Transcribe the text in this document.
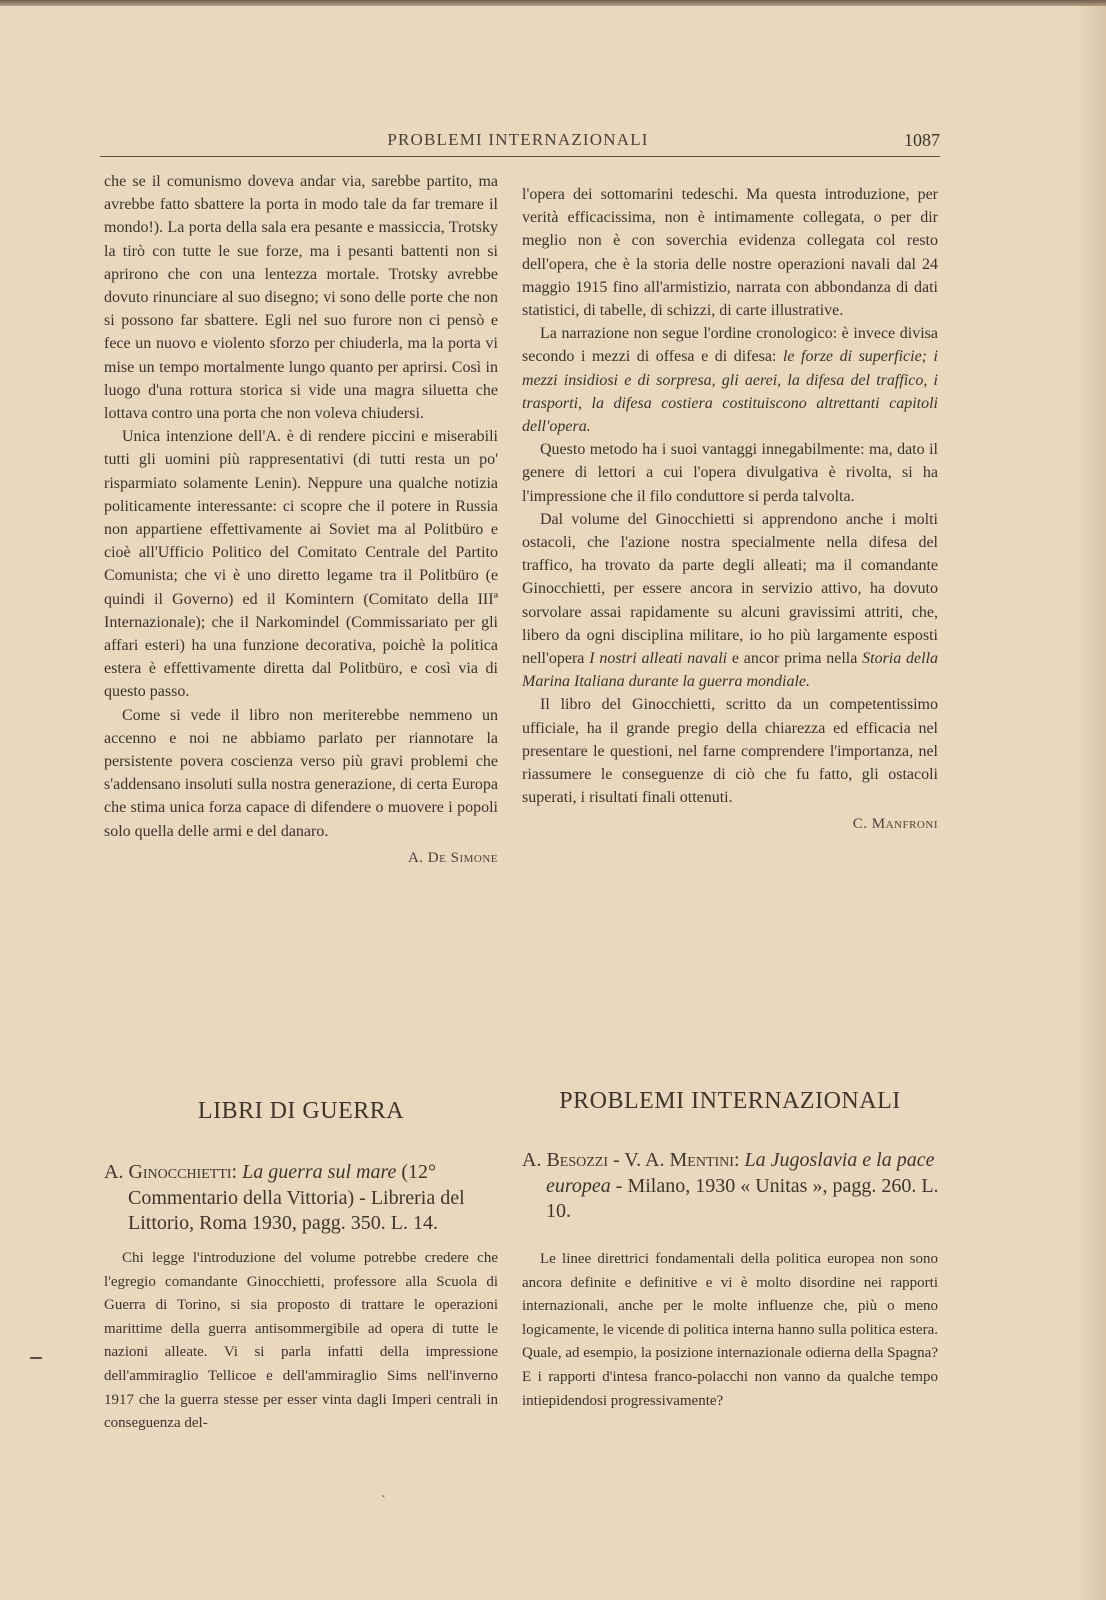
PROBLEMI INTERNAZIONALI	1087

che se il comunismo doveva andar via, sarebbe partito, ma avrebbe fatto sbattere la porta in modo tale da far tremare il mondo!). La porta della sala era pesante e massiccia, Trotsky la tirò con tutte le sue forze, ma i pesanti battenti non si aprirono che con una lentezza mortale. Trotsky avrebbe dovuto rinunciare al suo disegno; vi sono delle porte che non si possono far sbattere. Egli nel suo furore non ci pensò e fece un nuovo e violento sforzo per chiuderla, ma la porta vi mise un tempo mortalmente lungo quanto per aprirsi. Così in luogo d'una rottura storica si vide una magra siluetta che lottava contro una porta che non voleva chiudersi.

Unica intenzione dell'A. è di rendere piccini e miserabili tutti gli uomini più rappresentativi (di tutti resta un po' risparmiato solamente Lenin). Neppure una qualche notizia politicamente interessante: ci scopre che il potere in Russia non appartiene effettivamente ai Soviet ma al Politbüro e cioè all'Ufficio Politico del Comitato Centrale del Partito Comunista; che vi è uno diretto legame tra il Politbüro (e quindi il Governo) ed il Komintern (Comitato della IIIª Internazionale); che il Narkomindel (Commissariato per gli affari esteri) ha una funzione decorativa, poichè la politica estera è effettivamente diretta dal Politbüro, e così via di questo passo.

Come si vede il libro non meriterebbe nemmeno un accenno e noi ne abbiamo parlato per riannotare la persistente povera coscienza verso più gravi problemi che s'addensano insoluti sulla nostra generazione, di certa Europa che stima unica forza capace di difendere o muovere i popoli solo quella delle armi e del danaro.

A. De Simone

l'opera dei sottomarini tedeschi. Ma questa introduzione, per verità efficacissima, non è intimamente collegata, o per dir meglio non è con soverchia evidenza collegata col resto dell'opera, che è la storia delle nostre operazioni navali dal 24 maggio 1915 fino all'armistizio, narrata con abbondanza di dati statistici, di tabelle, di schizzi, di carte illustrative.

La narrazione non segue l'ordine cronologico: è invece divisa secondo i mezzi di offesa e di difesa: le forze di superficie; i mezzi insidiosi e di sorpresa, gli aerei, la difesa del traffico, i trasporti, la difesa costiera costituiscono altrettanti capitoli dell'opera.

Questo metodo ha i suoi vantaggi innegabilmente: ma, dato il genere di lettori a cui l'opera divulgativa è rivolta, si ha l'impressione che il filo conduttore si perda talvolta.

Dal volume del Ginocchietti si apprendono anche i molti ostacoli, che l'azione nostra specialmente nella difesa del traffico, ha trovato da parte degli alleati; ma il comandante Ginocchietti, per essere ancora in servizio attivo, ha dovuto sorvolare assai rapidamente su alcuni gravissimi attriti, che, libero da ogni disciplina militare, io ho più largamente esposti nell'opera I nostri alleati navali e ancor prima nella Storia della Marina Italiana durante la guerra mondiale.

Il libro del Ginocchietti, scritto da un competentissimo ufficiale, ha il grande pregio della chiarezza ed efficacia nel presentare le questioni, nel farne comprendere l'importanza, nel riassumere le conseguenze di ciò che fu fatto, gli ostacoli superati, i risultati finali ottenuti.

C. Manfroni
LIBRI DI GUERRA	PROBLEMI INTERNAZIONALI
A. Ginocchietti: La guerra sul mare (12° Commentario della Vittoria) - Libreria del Littorio, Roma 1930, pagg. 350. L. 14.
A. Besozzi - V. A. Mentini: La Jugoslavia e la pace europea - Milano, 1930 « Unitas », pagg. 260. L. 10.

Chi legge l'introduzione del volume potrebbe credere che l'egregio comandante Ginocchietti, professore alla Scuola di Guerra di Torino, si sia proposto di trattare le operazioni marittime della guerra antisommergibile ad opera di tutte le nazioni alleate. Vi si parla infatti della impressione dell'ammiraglio Tellicoe e dell'ammiraglio Sims nell'inverno 1917 che la guerra stesse per esser vinta dagli Imperi centrali in conseguenza del-

Le linee direttrici fondamentali della politica europea non sono ancora definite e definitive e vi è molto disordine nei rapporti internazionali, anche per le molte influenze che, più o meno logicamente, le vicende di politica interna hanno sulla politica estera. Quale, ad esempio, la posizione internazionale odierna della Spagna? E i rapporti d'intesa franco-polacchi non vanno da qualche tempo intiepidendosi progressivamente?

`
